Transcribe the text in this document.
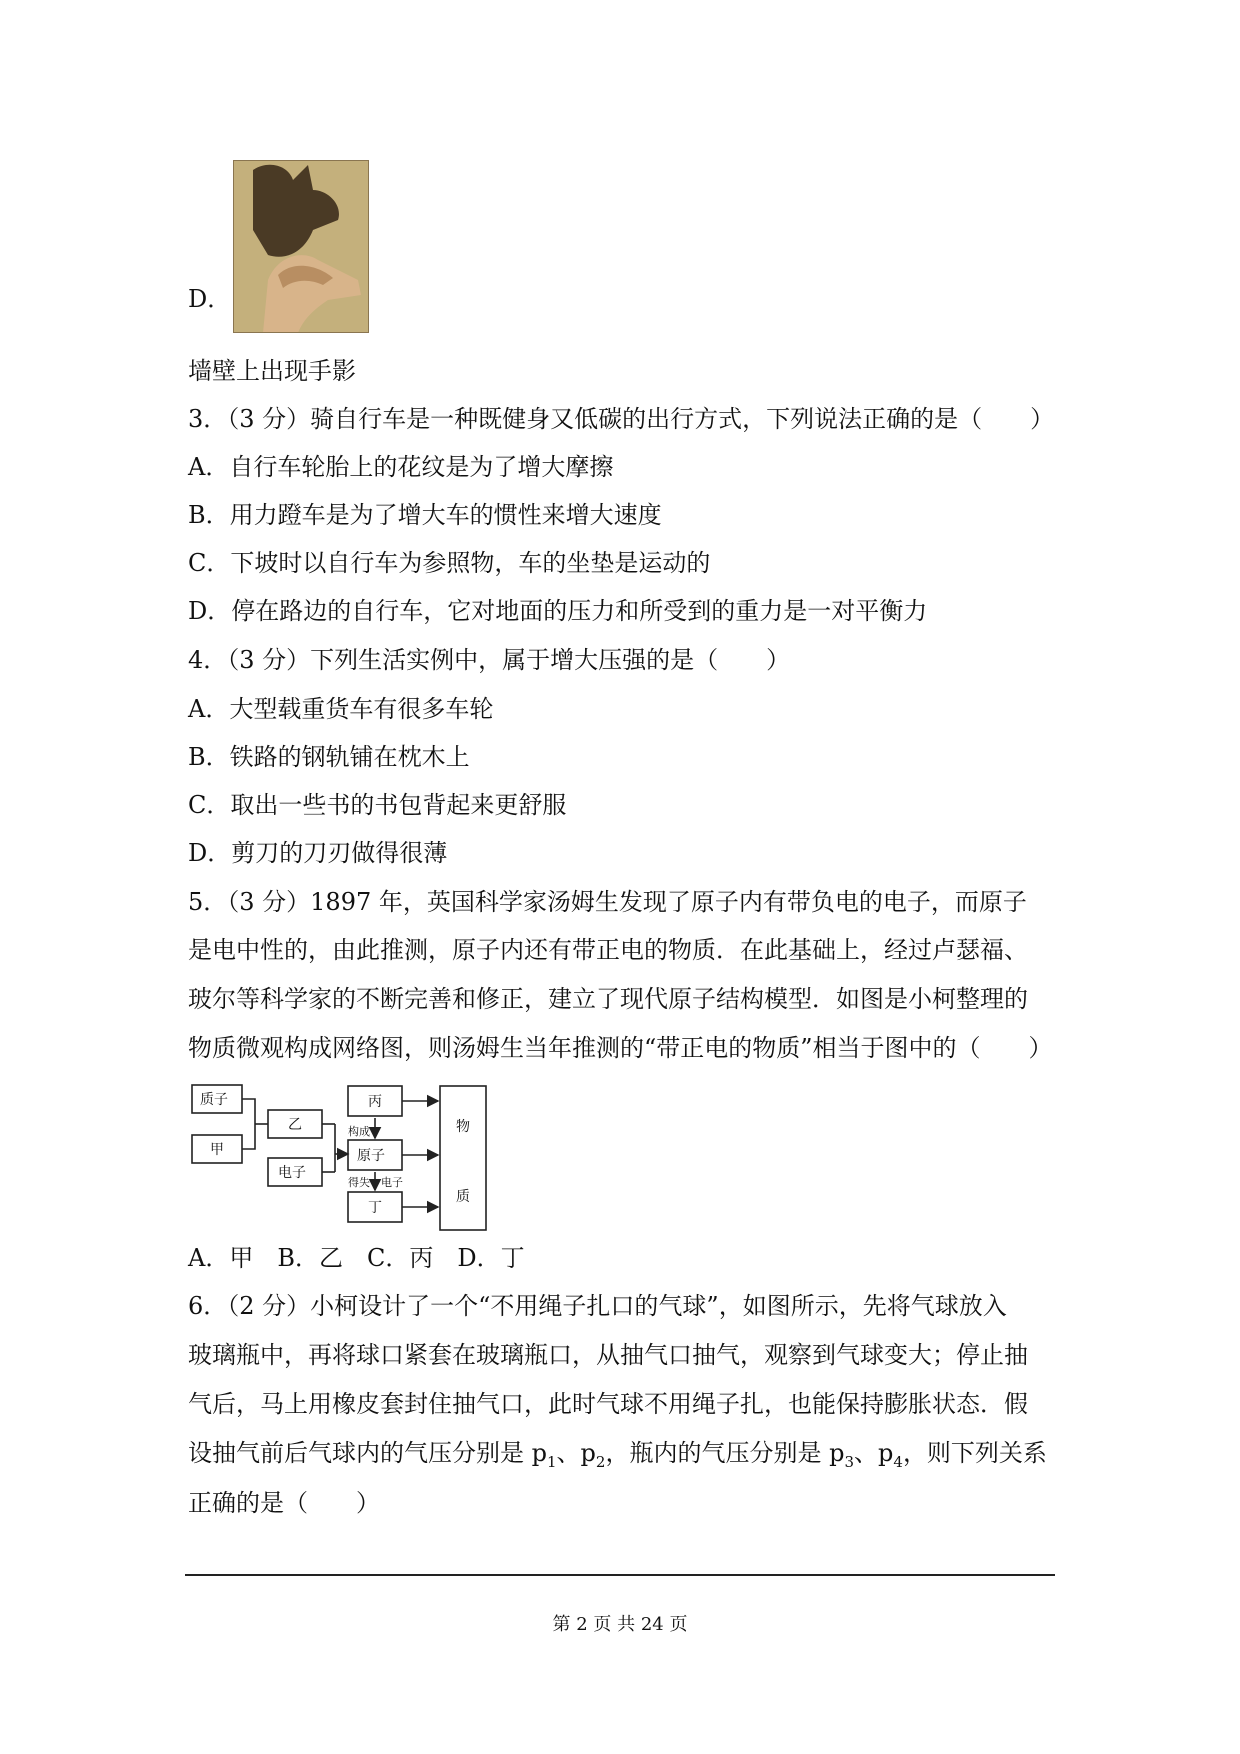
D．
墙壁上出现手影
3．（3 分）骑自行车是一种既健身又低碳的出行方式，下列说法正确的是（　　）
A．自行车轮胎上的花纹是为了增大摩擦
B．用力蹬车是为了增大车的惯性来增大速度
C．下坡时以自行车为参照物，车的坐垫是运动的
D．停在路边的自行车，它对地面的压力和所受到的重力是一对平衡力
4．（3 分）下列生活实例中，属于增大压强的是（　　）
A．大型载重货车有很多车轮
B．铁路的钢轨铺在枕木上
C．取出一些书的书包背起来更舒服
D．剪刀的刀刃做得很薄
5．（3 分）1897 年，英国科学家汤姆生发现了原子内有带负电的电子，而原子
是电中性的，由此推测，原子内还有带正电的物质．在此基础上，经过卢瑟福、
玻尔等科学家的不断完善和修正，建立了现代原子结构模型．如图是小柯整理的
物质微观构成网络图，则汤姆生当年推测的“带正电的物质”相当于图中的（　　）
质子
甲
乙
电子
丙
原子
丁
物
质
构成
得失 电子
A．甲　B．乙　C．丙　D．丁
6．（2 分）小柯设计了一个“不用绳子扎口的气球”，如图所示，先将气球放入
玻璃瓶中，再将球口紧套在玻璃瓶口，从抽气口抽气，观察到气球变大；停止抽
气后，马上用橡皮套封住抽气口，此时气球不用绳子扎，也能保持膨胀状态．假
设抽气前后气球内的气压分别是 $p_1$、$p_2$，瓶内的气压分别是 $p_3$、$p_4$，则下列关系
正确的是（　　）
第 2 页 共 24 页
